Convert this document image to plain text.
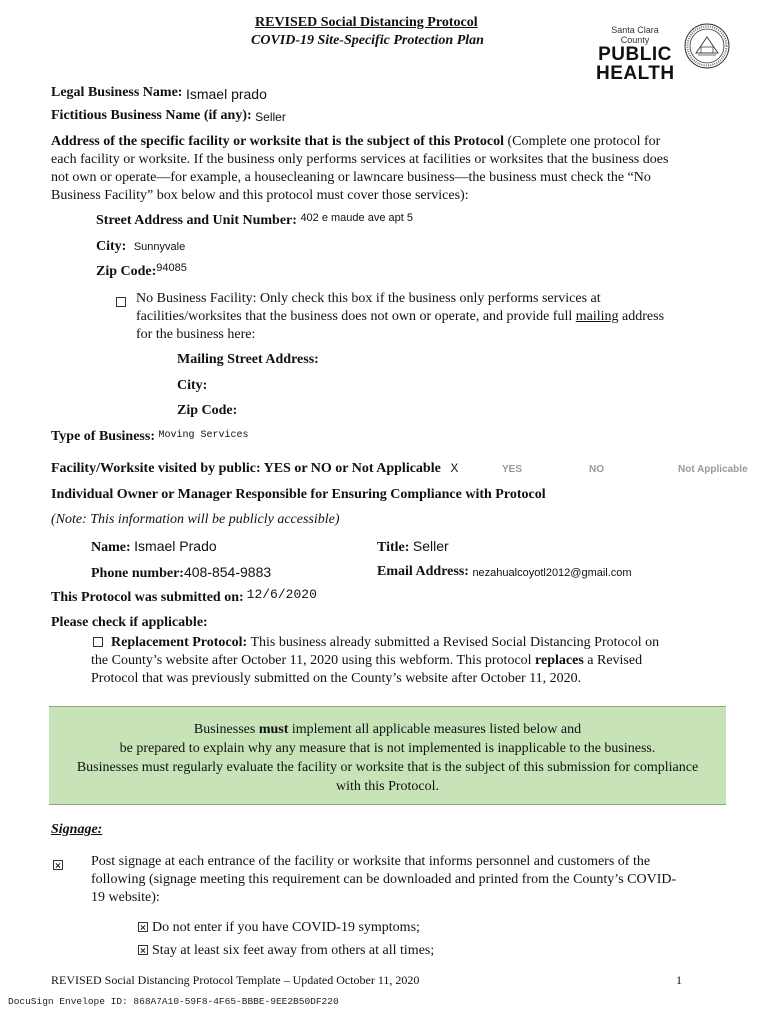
REVISED Social Distancing Protocol
COVID-19 Site-Specific Protection Plan
Santa Clara County
PUBLIC
HEALTH
Legal Business Name: Ismael prado
Fictitious Business Name (if any): Seller
Address of the specific facility or worksite that is the subject of this Protocol (Complete one protocol for
each facility or worksite. If the business only performs services at facilities or worksites that the business does
not own or operate—for example, a housecleaning or lawncare business—the business must check the “No
Business Facility” box below and this protocol must cover those services):
Street Address and Unit Number: $^{402 e maude ave apt 5}$
City: Sunnyvale
Zip Code:$^{94085}$
No Business Facility: Only check this box if the business only performs services at
facilities/worksites that the business does not own or operate, and provide full mailing address
for the business here:
Mailing Street Address:
City:
Zip Code:
Type of Business: $^{Moving Services}$
Facility/Worksite visited by public: YES or NO or Not Applicable X	YES	NO	Not Applicable
Individual Owner or Manager Responsible for Ensuring Compliance with Protocol
(Note: This information will be publicly accessible)
Name: Ismael Prado	Title: Seller
Phone number:408-854-9883	Email Address: nezahualcoyotl2012@gmail.com
This Protocol was submitted on: 12/6/2020
Please check if applicable:
Replacement Protocol: This business already submitted a Revised Social Distancing Protocol on
the County’s website after October 11, 2020 using this webform. This protocol replaces a Revised
Protocol that was previously submitted on the County’s website after October 11, 2020.
Businesses must implement all applicable measures listed below and
be prepared to explain why any measure that is not implemented is inapplicable to the business.
Businesses must regularly evaluate the facility or worksite that is the subject of this submission for compliance
with this Protocol.
Signage:
Post signage at each entrance of the facility or worksite that informs personnel and customers of the
following (signage meeting this requirement can be downloaded and printed from the County’s COVID-
19 website):
Do not enter if you have COVID-19 symptoms;
Stay at least six feet away from others at all times;
REVISED Social Distancing Protocol Template – Updated October 11, 2020	1
DocuSign Envelope ID: 868A7A10-59F8-4F65-BBBE-9EE2B50DF220
